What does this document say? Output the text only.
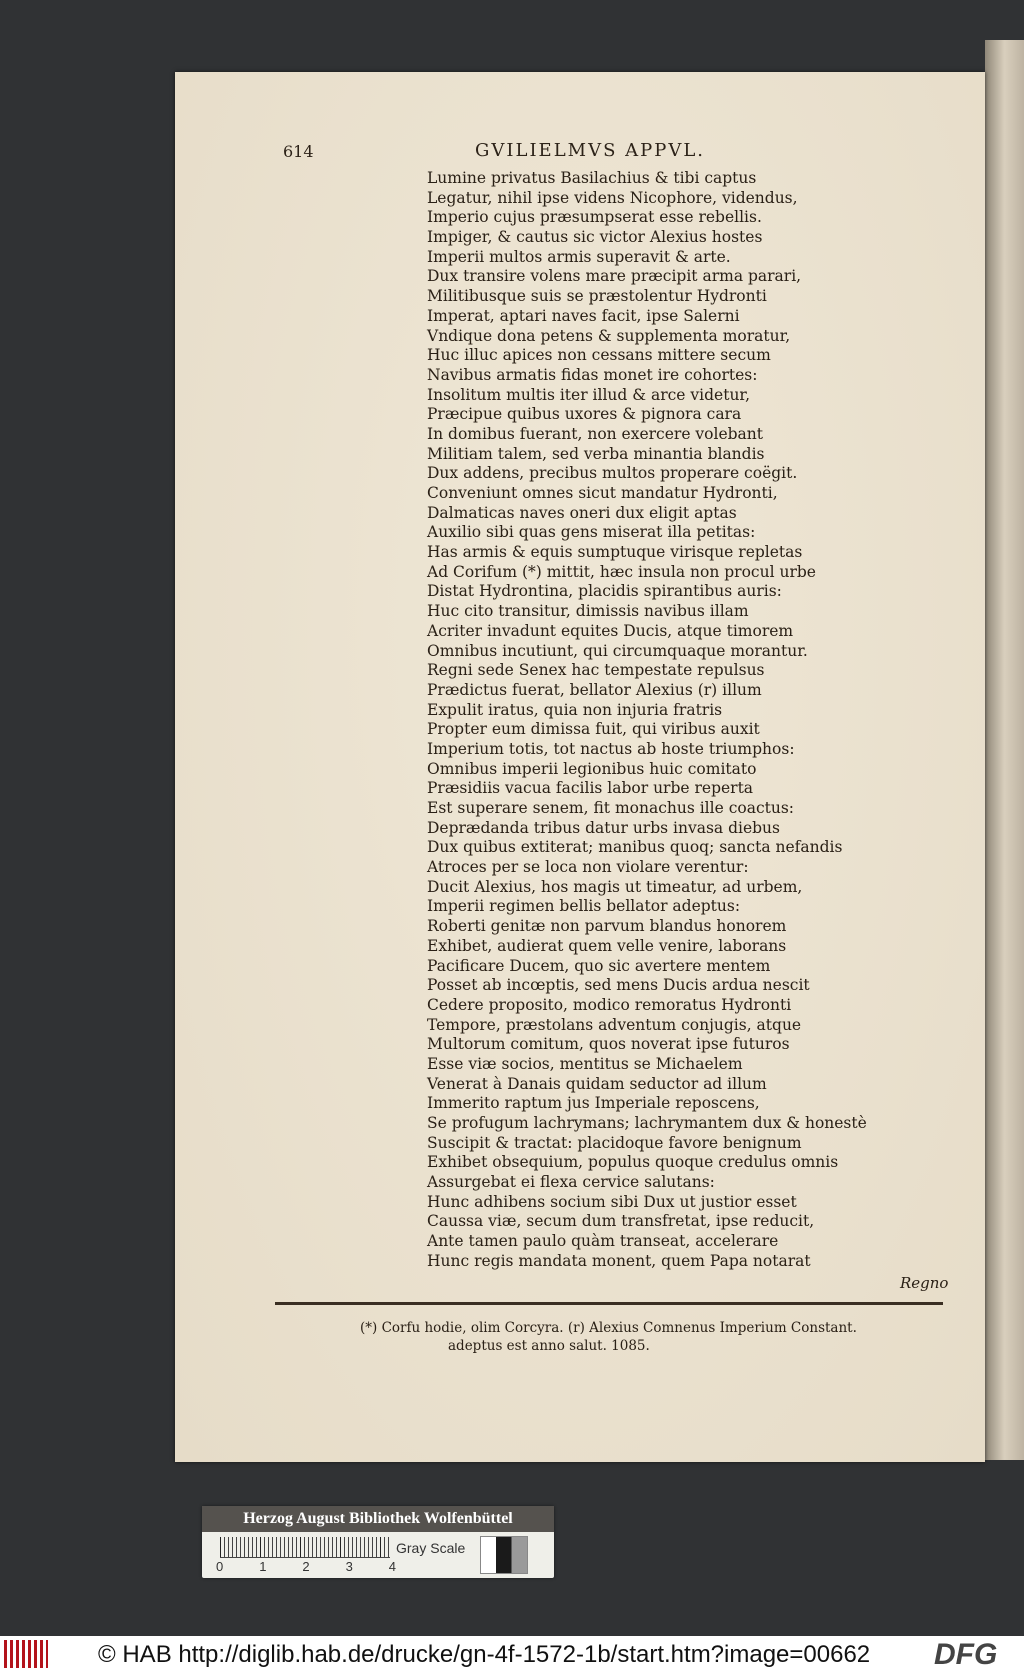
614	GVILIELMVS APPVL.
Lumine privatus Basilachius & tibi captus
Legatur, nihil ipse videns Nicophore, videndus,
Imperio cujus præsumpserat esse rebellis.
Impiger, & cautus sic victor Alexius hostes
Imperii multos armis superavit & arte.
Dux transire volens mare præcipit arma parari,
Militibusque suis se præstolentur Hydronti
Imperat, aptari naves facit, ipse Salerni
Vndique dona petens & supplementa moratur,
Huc illuc apices non cessans mittere secum
Navibus armatis fidas monet ire cohortes:
Insolitum multis iter illud & arce videtur,
Præcipue quibus uxores & pignora cara
In domibus fuerant, non exercere volebant
Militiam talem, sed verba minantia blandis
Dux addens, precibus multos properare coëgit.
Conveniunt omnes sicut mandatur Hydronti,
Dalmaticas naves oneri dux eligit aptas
Auxilio sibi quas gens miserat illa petitas:
Has armis & equis sumptuque virisque repletas
Ad Corifum (*) mittit, hæc insula non procul urbe
Distat Hydrontina, placidis spirantibus auris:
Huc cito transitur, dimissis navibus illam
Acriter invadunt equites Ducis, atque timorem
Omnibus incutiunt, qui circumquaque morantur.
Regni sede Senex hac tempestate repulsus
Prædictus fuerat, bellator Alexius (r) illum
Expulit iratus, quia non injuria fratris
Propter eum dimissa fuit, qui viribus auxit
Imperium totis, tot nactus ab hoste triumphos:
Omnibus imperii legionibus huic comitato
Præsidiis vacua facilis labor urbe reperta
Est superare senem, fit monachus ille coactus:
Deprædanda tribus datur urbs invasa diebus
Dux quibus extiterat; manibus quoq; sancta nefandis
Atroces per se loca non violare verentur:
Ducit Alexius, hos magis ut timeatur, ad urbem,
Imperii regimen bellis bellator adeptus:
Roberti genitæ non parvum blandus honorem
Exhibet, audierat quem velle venire, laborans
Pacificare Ducem, quo sic avertere mentem
Posset ab incœptis, sed mens Ducis ardua nescit
Cedere proposito, modico remoratus Hydronti
Tempore, præstolans adventum conjugis, atque
Multorum comitum, quos noverat ipse futuros
Esse viæ socios, mentitus se Michaelem
Venerat à Danais quidam seductor ad illum
Immerito raptum jus Imperiale reposcens,
Se profugum lachrymans; lachrymantem dux & honestè
Suscipit & tractat: placidoque favore benignum
Exhibet obsequium, populus quoque credulus omnis
Assurgebat ei flexa cervice salutans:
Hunc adhibens socium sibi Dux ut justior esset
Caussa viæ, secum dum transfretat, ipse reducit,
Ante tamen paulo quàm transeat, accelerare
Hunc regis mandata monent, quem Papa notarat
Regno
(*) Corfu hodie, olim Corcyra. (r) Alexius Comnenus Imperium Constant.
adeptus est anno salut. 1085.
Herzog August Bibliothek Wolfenbüttel
Gray Scale
0	1	2	3	4
© HAB http://diglib.hab.de/drucke/gn-4f-1572-1b/start.htm?image=00662	DFG
